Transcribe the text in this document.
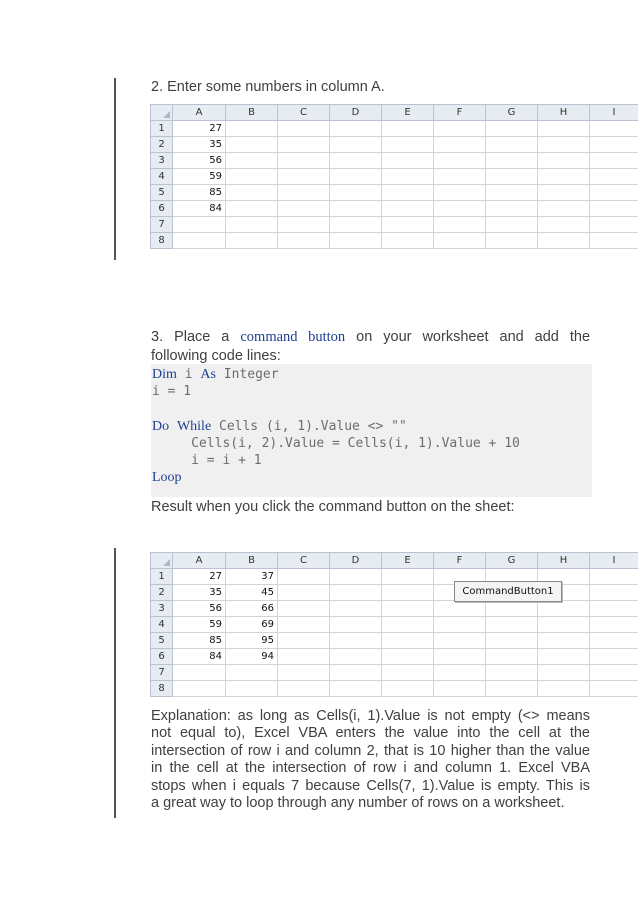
2. Enter some numbers in column A.
	A	B	C	D	E	F	G	H	I
1	27								
2	35								
3	56								
4	59								
5	85								
6	84								
7									
8									
3. Place a command button on your worksheet and add the
following code lines:
Dim i As Integer
i = 1
Do While Cells (i, 1).Value <> ""
Cells(i, 2).Value = Cells(i, 1).Value + 10
i = i + 1
Loop
Result when you click the command button on the sheet:
	A	B	C	D	E	F	G	H	I
1	27	37							
2	35	45							
3	56	66							
4	59	69							
5	85	95							
6	84	94							
7									
8									
CommandButton1
Explanation: as long as Cells(i, 1).Value is not empty (<> means
not equal to), Excel VBA enters the value into the cell at the
intersection of row i and column 2, that is 10 higher than the value
in the cell at the intersection of row i and column 1. Excel VBA
stops when i equals 7 because Cells(7, 1).Value is empty. This is
a great way to loop through any number of rows on a worksheet.
